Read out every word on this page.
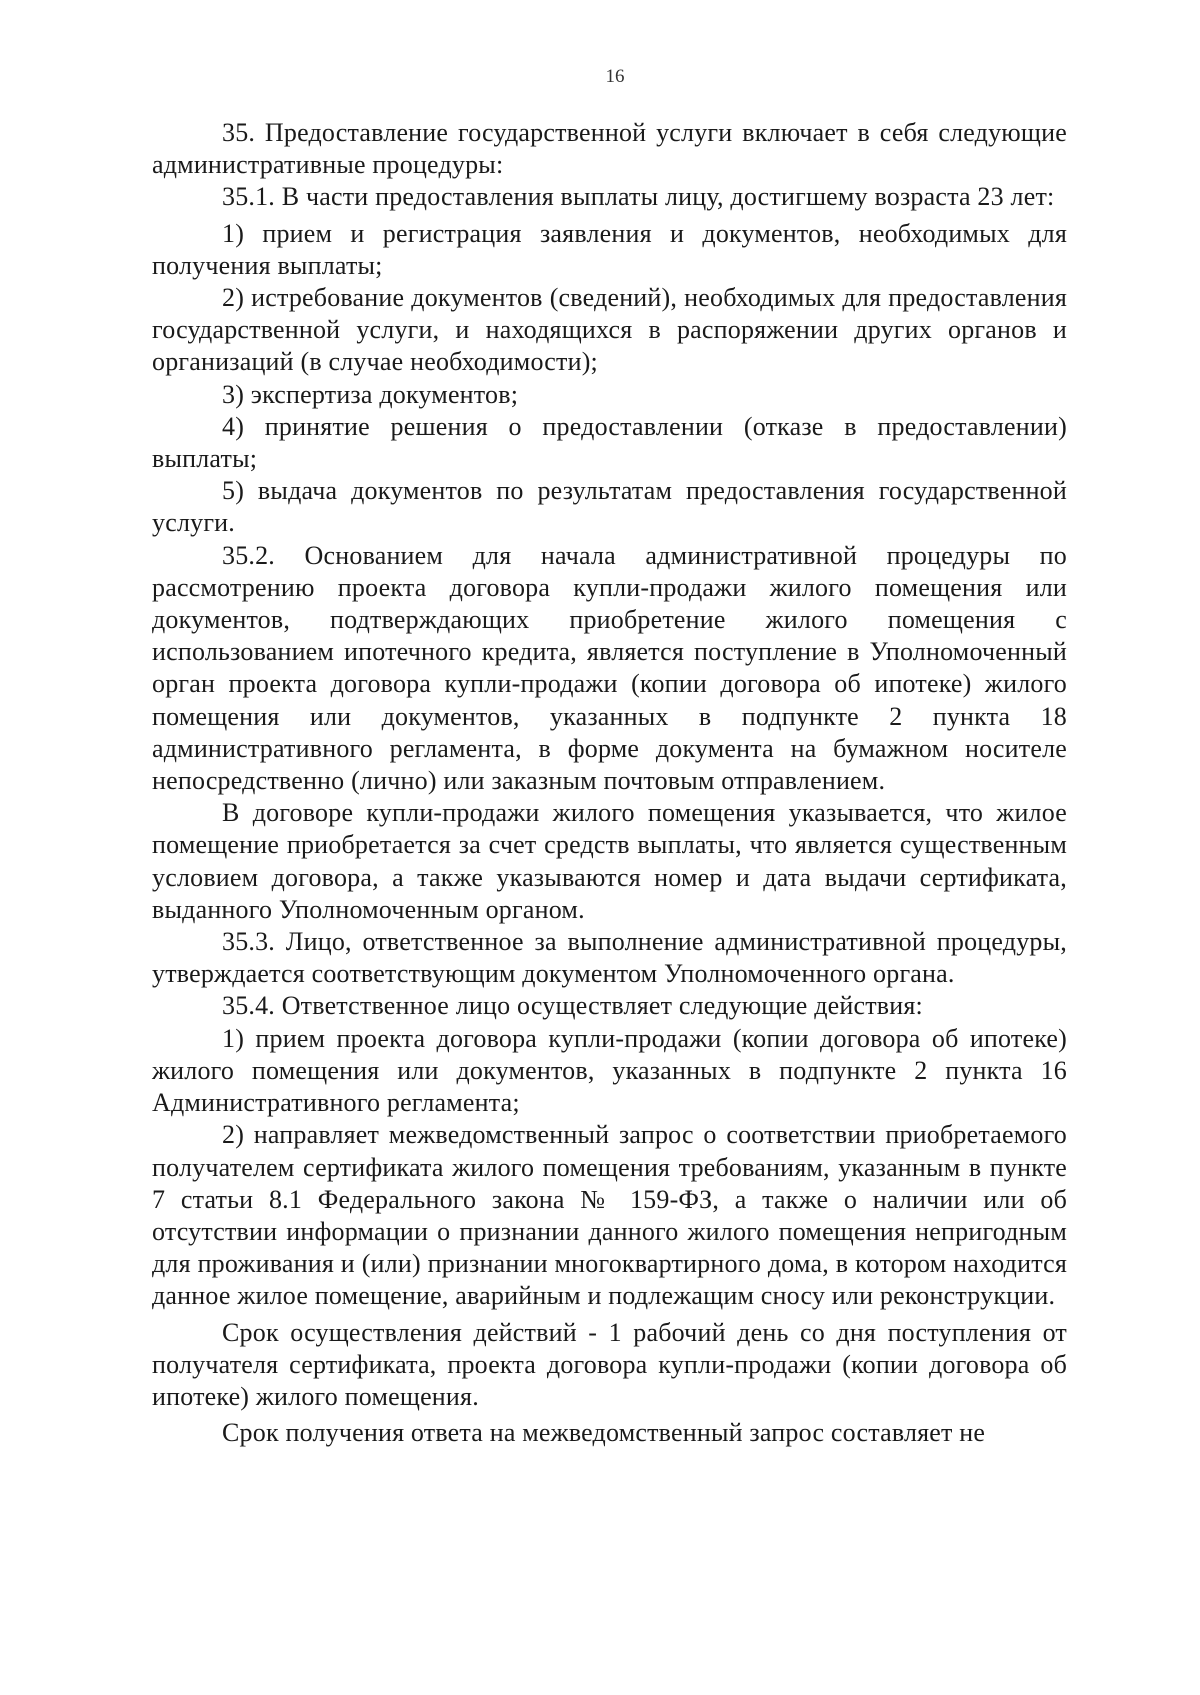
16

35. Предоставление государственной услуги включает в себя следующие административные процедуры:

35.1. В части предоставления выплаты лицу, достигшему возраста 23 лет:

1) прием и регистрация заявления и документов, необходимых для получения выплаты;

2) истребование документов (сведений), необходимых для предоставления государственной услуги, и находящихся в распоряжении других органов и организаций (в случае необходимости);

3) экспертиза документов;

4) принятие решения о предоставлении (отказе в предоставлении) выплаты;

5) выдача документов по результатам предоставления государственной услуги.

35.2. Основанием для начала административной процедуры по рассмотрению проекта договора купли-продажи жилого помещения или документов, подтверждающих приобретение жилого помещения с использованием ипотечного кредита, является поступление в Уполномоченный орган проекта договора купли-продажи (копии договора об ипотеке) жилого помещения или документов, указанных в подпункте 2 пункта 18 административного регламента, в форме документа на бумажном носителе непосредственно (лично) или заказным почтовым отправлением.

В договоре купли-продажи жилого помещения указывается, что жилое помещение приобретается за счет средств выплаты, что является существенным условием договора, а также указываются номер и дата выдачи сертификата, выданного Уполномоченным органом.

35.3. Лицо, ответственное за выполнение административной процедуры, утверждается соответствующим документом Уполномоченного органа.

35.4. Ответственное лицо осуществляет следующие действия:

1) прием проекта договора купли-продажи (копии договора об ипотеке) жилого помещения или документов, указанных в подпункте 2 пункта 16 Административного регламента;

2) направляет межведомственный запрос о соответствии приобретаемого получателем сертификата жилого помещения требованиям, указанным в пункте 7 статьи 8.1 Федерального закона № 159-ФЗ, а также о наличии или об отсутствии информации о признании данного жилого помещения непригодным для проживания и (или) признании многоквартирного дома, в котором находится данное жилое помещение, аварийным и подлежащим сносу или реконструкции.

Срок осуществления действий - 1 рабочий день со дня поступления от получателя сертификата, проекта договора купли-продажи (копии договора об ипотеке) жилого помещения.

Срок получения ответа на межведомственный запрос составляет не
